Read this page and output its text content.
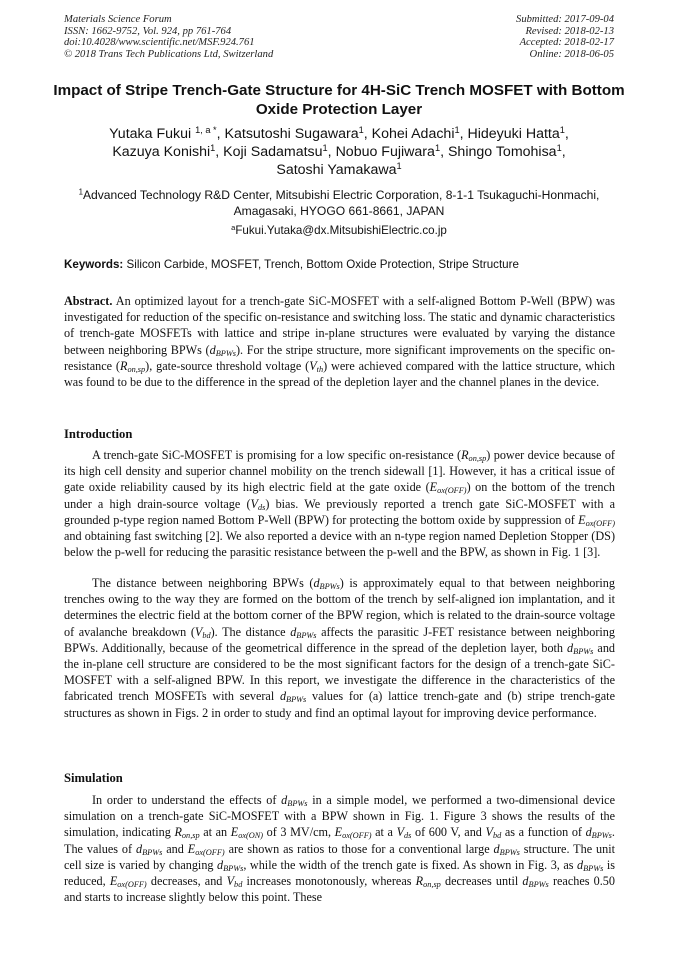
Materials Science Forum
ISSN: 1662-9752, Vol. 924, pp 761-764
doi:10.4028/www.scientific.net/MSF.924.761
© 2018 Trans Tech Publications Ltd, Switzerland
Submitted: 2017-09-04
Revised: 2018-02-13
Accepted: 2018-02-17
Online: 2018-06-05
Impact of Stripe Trench-Gate Structure for 4H-SiC Trench MOSFET with Bottom Oxide Protection Layer
Yutaka Fukui $^{1, a *}$, Katsutoshi Sugawara$^1$, Kohei Adachi$^1$, Hideyuki Hatta$^1$,
Kazuya Konishi$^1$, Koji Sadamatsu$^1$, Nobuo Fujiwara$^1$, Shingo Tomohisa$^1$,
Satoshi Yamakawa$^1$
$^1$Advanced Technology R&D Center, Mitsubishi Electric Corporation, 8-1-1 Tsukaguchi-Honmachi,
Amagasaki, HYOGO 661-8661, JAPAN
$^a$Fukui.Yutaka@dx.MitsubishiElectric.co.jp
Keywords: Silicon Carbide, MOSFET, Trench, Bottom Oxide Protection, Stripe Structure
Abstract. An optimized layout for a trench-gate SiC-MOSFET with a self-aligned Bottom P-Well (BPW) was investigated for reduction of the specific on-resistance and switching loss. The static and dynamic characteristics of trench-gate MOSFETs with lattice and stripe in-plane structures were evaluated by varying the distance between neighboring BPWs $(d_{BPWs})$. For the stripe structure, more significant improvements on the specific on-resistance $(R_{on,sp})$, gate-source threshold voltage $(V_{th})$ were achieved compared with the lattice structure, which was found to be due to the difference in the spread of the depletion layer and the channel planes in the device.
Introduction
A trench-gate SiC-MOSFET is promising for a low specific on-resistance $(R_{on,sp})$ power device because of its high cell density and superior channel mobility on the trench sidewall [1]. However, it has a critical issue of gate oxide reliability caused by its high electric field at the gate oxide $(E_{ox(OFF)})$ on the bottom of the trench under a high drain-source voltage $(V_{ds})$ bias. We previously reported a trench gate SiC-MOSFET with a grounded p-type region named Bottom P-Well (BPW) for protecting the bottom oxide by suppression of $E_{ox(OFF)}$ and obtaining fast switching [2]. We also reported a device with an n-type region named Depletion Stopper (DS) below the p-well for reducing the parasitic resistance between the p-well and the BPW, as shown in Fig. 1 [3].
The distance between neighboring BPWs $(d_{BPWs})$ is approximately equal to that between neighboring trenches owing to the way they are formed on the bottom of the trench by self-aligned ion implantation, and it determines the electric field at the bottom corner of the BPW region, which is related to the drain-source voltage of avalanche breakdown $(V_{bd})$. The distance $d_{BPWs}$ affects the parasitic J-FET resistance between neighboring BPWs. Additionally, because of the geometrical difference in the spread of the depletion layer, both $d_{BPWs}$ and the in-plane cell structure are considered to be the most significant factors for the design of a trench-gate SiC-MOSFET with a self-aligned BPW. In this report, we investigate the difference in the characteristics of the fabricated trench MOSFETs with several $d_{BPWs}$ values for (a) lattice trench-gate and (b) stripe trench-gate structures as shown in Figs. 2 in order to study and find an optimal layout for improving device performance.
Simulation
In order to understand the effects of $d_{BPWs}$ in a simple model, we performed a two-dimensional device simulation on a trench-gate SiC-MOSFET with a BPW shown in Fig. 1. Figure 3 shows the results of the simulation, indicating $R_{on,sp}$ at an $E_{ox(ON)}$ of 3 MV/cm, $E_{ox(OFF)}$ at a $V_{ds}$ of 600 V, and $V_{bd}$ as a function of $d_{BPWs}$. The values of $d_{BPWs}$ and $E_{ox(OFF)}$ are shown as ratios to those for a conventional large $d_{BPWs}$ structure. The unit cell size is varied by changing $d_{BPWs}$, while the width of the trench gate is fixed. As shown in Fig. 3, as $d_{BPWs}$ is reduced, $E_{ox(OFF)}$ decreases, and $V_{bd}$ increases monotonously, whereas $R_{on,sp}$ decreases until $d_{BPWs}$ reaches 0.50 and starts to increase slightly below this point. These
